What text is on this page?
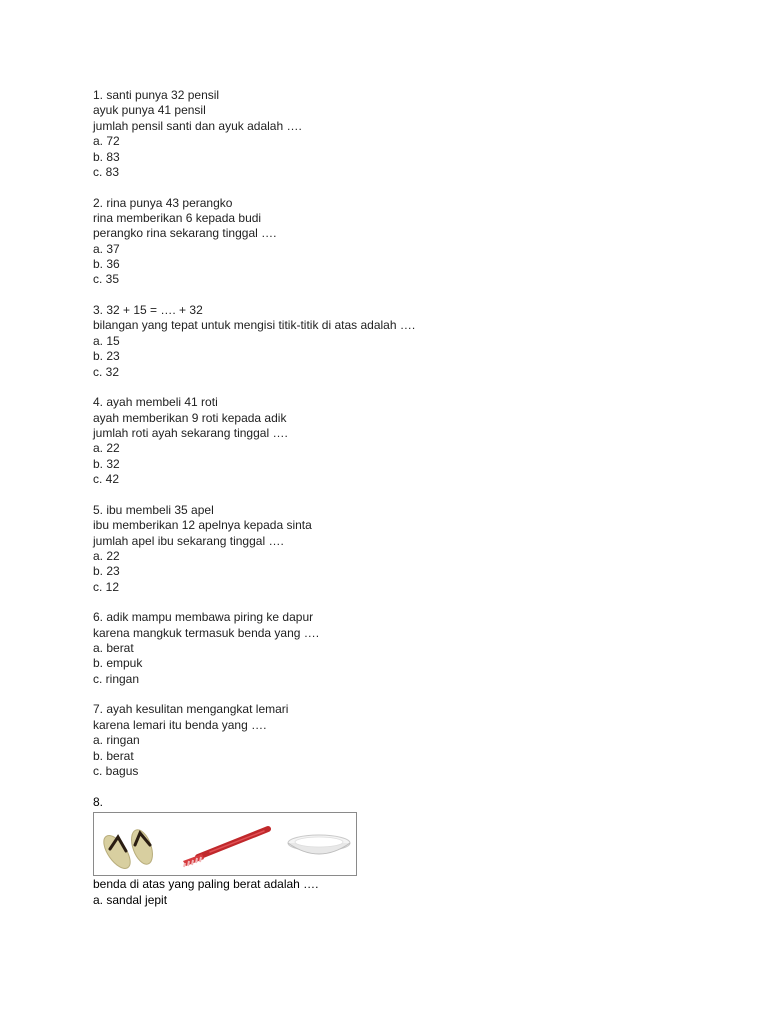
1. santi punya 32 pensil
ayuk punya 41 pensil
jumlah pensil santi dan ayuk adalah ….
a. 72
b. 83
c. 83
2. rina punya 43 perangko
rina memberikan 6 kepada budi
perangko rina sekarang tinggal ….
a. 37
b. 36
c. 35
3. 32 + 15 = …. + 32
bilangan yang tepat untuk mengisi titik-titik di atas adalah ….
a. 15
b. 23
c. 32
4. ayah membeli 41 roti
ayah memberikan 9 roti kepada adik
jumlah roti ayah sekarang tinggal ….
a. 22
b. 32
c. 42
5. ibu membeli 35 apel
ibu memberikan 12 apelnya kepada sinta
jumlah apel ibu sekarang tinggal ….
a. 22
b. 23
c. 12
6. adik mampu membawa piring ke dapur
karena mangkuk termasuk benda yang ….
a. berat
b. empuk
c. ringan
7. ayah kesulitan mengangkat lemari
karena lemari itu benda yang ….
a. ringan
b. berat
c. bagus
8.
benda di atas yang paling berat adalah ….
a. sandal jepit
